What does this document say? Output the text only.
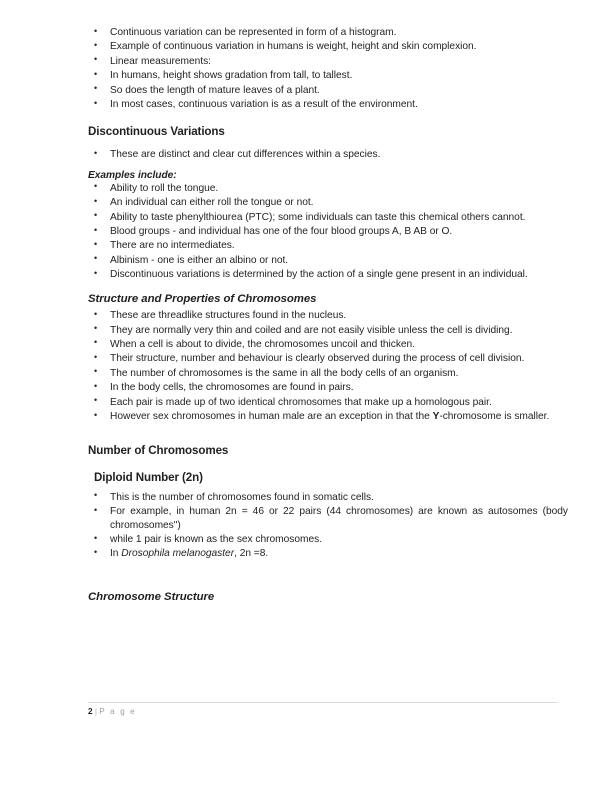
• Continuous variation can be represented in form of a histogram.
• Example of continuous variation in humans is weight, height and skin complexion.
• Linear measurements:
• In humans, height shows gradation from tall, to tallest.
• So does the length of mature leaves of a plant.
• In most cases, continuous variation is as a result of the environment.
Discontinuous Variations
• These are distinct and clear cut differences within a species.
Examples include:
• Ability to roll the tongue.
• An individual can either roll the tongue or not.
• Ability to taste phenylthiourea (PTC); some individuals can taste this chemical others cannot.
• Blood groups - and individual has one of the four blood groups A, B AB or O.
• There are no intermediates.
• Albinism - one is either an albino or not.
• Discontinuous variations is determined by the action of a single gene present in an individual.
Structure and Properties of Chromosomes
• These are threadlike structures found in the nucleus.
• They are normally very thin and coiled and are not easily visible unless the cell is dividing.
• When a cell is about to divide, the chromosomes uncoil and thicken.
• Their structure, number and behaviour is clearly observed during the process of cell division.
• The number of chromosomes is the same in all the body cells of an organism.
• In the body cells, the chromosomes are found in pairs.
• Each pair is made up of two identical chromosomes that make up a homologous pair.
• However sex chromosomes in human male are an exception in that the Y-chromosome is smaller.
Number of Chromosomes
Diploid Number (2n)
• This is the number of chromosomes found in somatic cells.
• For example, in human 2n = 46 or 22 pairs (44 chromosomes) are known as autosomes (body chromosomes")
• while 1 pair is known as the sex chromosomes.
• In Drosophila melanogaster, 2n =8.
Chromosome Structure
2 | P a g e
